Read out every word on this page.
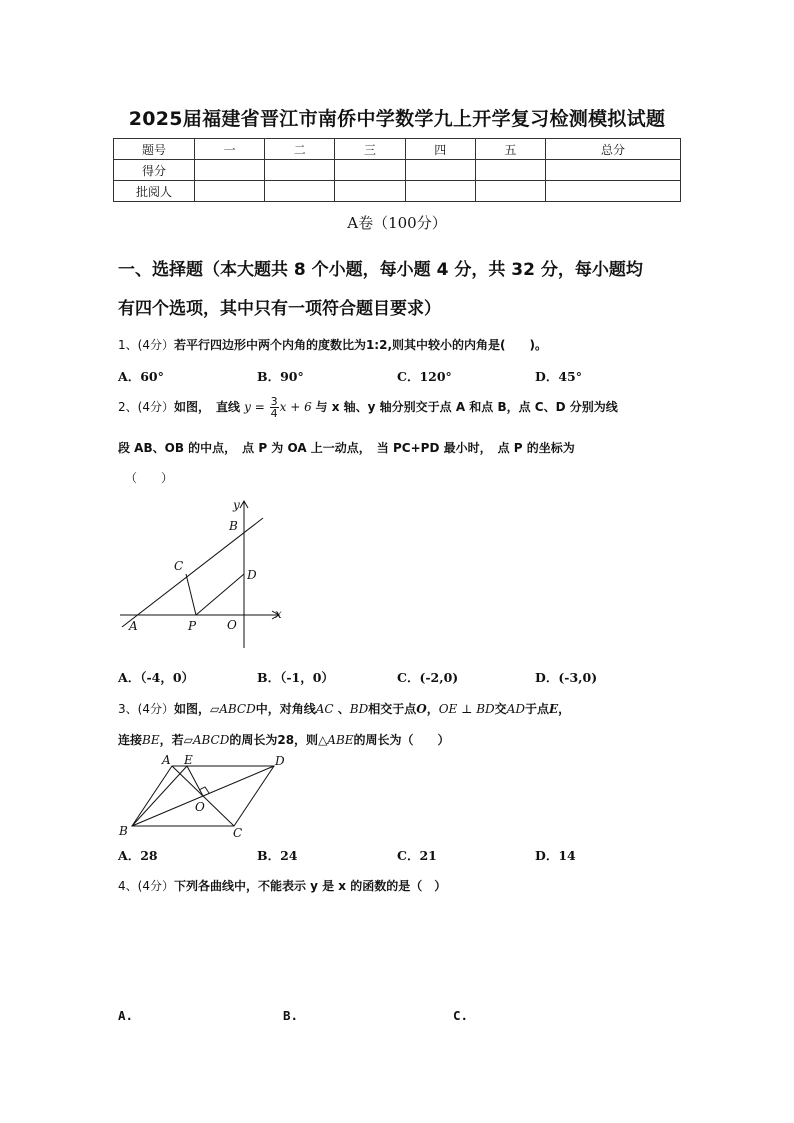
2025届福建省晋江市南侨中学数学九上开学复习检测模拟试题
题号	一	二	三	四	五	总分
得分						
批阅人						
A卷（100分）
一、选择题（本大题共 8 个小题，每小题 4 分，共 32 分，每小题均
有四个选项，其中只有一项符合题目要求）
1、(4分）若平行四边形中两个内角的度数比为1:2,则其中较小的内角是(　　)。
A．60°	B．90°	C．120°	D．45°
2、(4分）如图，　直线 $y = \frac{3}{4}$ x + 6 与 x 轴、y 轴分别交于点 A 和点 B，点 C、D 分别为线
段 AB、OB 的中点，　点 P 为 OA 上一动点，　当 PC+PD 最小时，　点 P 的坐标为
（　　）
y
B
C
D
x
A	P	O
A．（-4，0）	B．（-1，0）	C．(-2,0)	D．(-3,0)
3、(4分）如图，▱ABCD中，对角线AC 、BD相交于点O，OE ⊥ BD交AD于点E，
连接BE，若▱ABCD的周长为28，则△ABE的周长为（　　）
A E	D
O
B	C
A．28	B．24	C．21	D．14
4、(4分）下列各曲线中，不能表示 y 是 x 的函数的是（　）
A.	B.	C.
